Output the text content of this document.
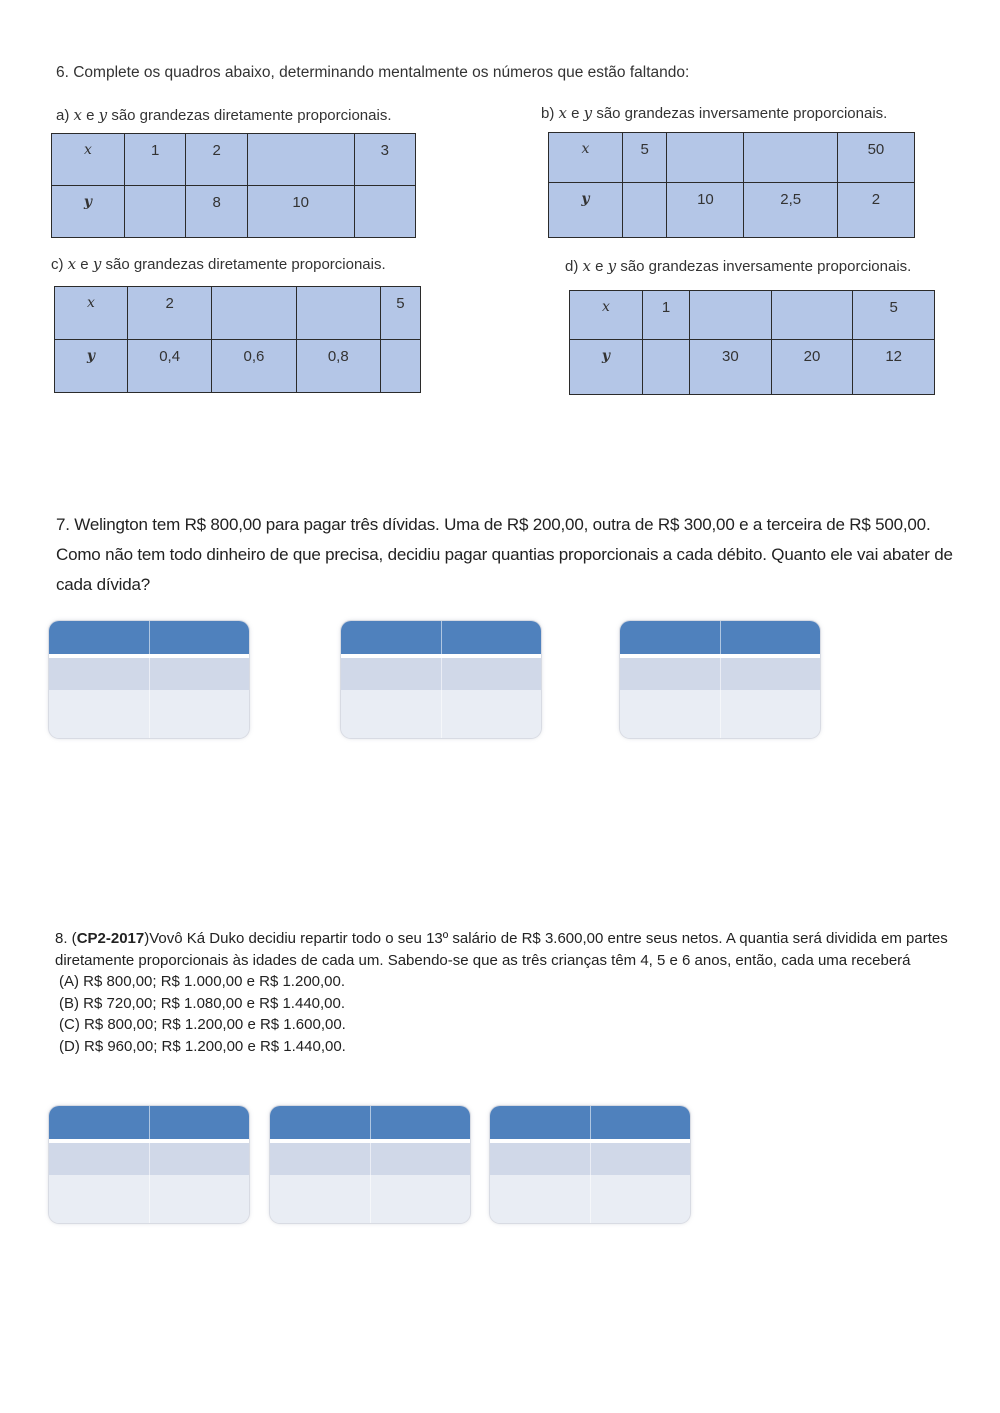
6. Complete os quadros abaixo, determinando mentalmente os números que estão faltando:
a) x e y são grandezas diretamente proporcionais.
x	1	2		3
y		8	10	
b) x e y são grandezas inversamente proporcionais.
x	5			50
y		10	2,5	2
c) x e y são grandezas diretamente proporcionais.
x	2			5
y	0,4	0,6	0,8	
d) x e y são grandezas inversamente proporcionais.
x	1			5
y		30	20	12
7. Welington tem R$ 800,00 para pagar três dívidas. Uma de R$ 200,00, outra de R$ 300,00 e a terceira de R$ 500,00. Como não tem todo dinheiro de que precisa, decidiu pagar quantias proporcionais a cada débito. Quanto ele vai abater de cada dívida?
8. (CP2-2017)Vovô Ká Duko decidiu repartir todo o seu 13º salário de R$ 3.600,00 entre seus netos. A quantia será dividida em partes diretamente proporcionais às idades de cada um. Sabendo-se que as três crianças têm 4, 5 e 6 anos, então, cada uma receberá
(A) R$ 800,00; R$ 1.000,00 e R$ 1.200,00.
(B) R$ 720,00; R$ 1.080,00 e R$ 1.440,00.
(C) R$ 800,00; R$ 1.200,00 e R$ 1.600,00.
(D) R$ 960,00; R$ 1.200,00 e R$ 1.440,00.
